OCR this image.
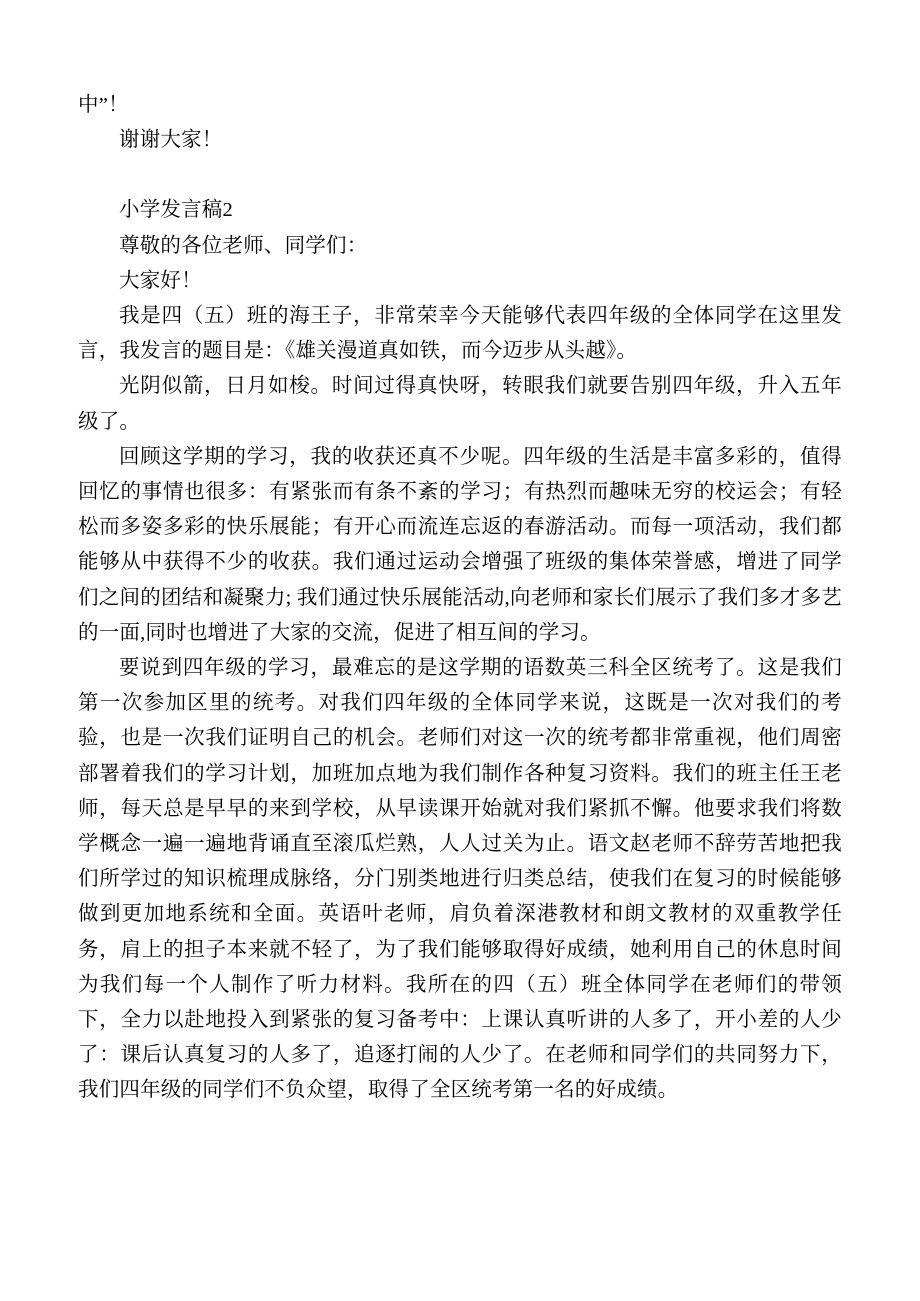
中”！

谢谢大家！

小学发言稿2

尊敬的各位老师、同学们：

大家好！

我是四（五）班的海王子，非常荣幸今天能够代表四年级的全体同学在这里发言，我发言的题目是：《雄关漫道真如铁，而今迈步从头越》。

光阴似箭，日月如梭。时间过得真快呀，转眼我们就要告别四年级，升入五年级了。

回顾这学期的学习，我的收获还真不少呢。四年级的生活是丰富多彩的，值得回忆的事情也很多：有紧张而有条不紊的学习；有热烈而趣味无穷的校运会；有轻松而多姿多彩的快乐展能；有开心而流连忘返的春游活动。而每一项活动，我们都能够从中获得不少的收获。我们通过运动会增强了班级的集体荣誉感，增进了同学们之间的团结和凝聚力; 我们通过快乐展能活动,向老师和家长们展示了我们多才多艺的一面,同时也增进了大家的交流，促进了相互间的学习。

要说到四年级的学习，最难忘的是这学期的语数英三科全区统考了。这是我们第一次参加区里的统考。对我们四年级的全体同学来说，这既是一次对我们的考验，也是一次我们证明自己的机会。老师们对这一次的统考都非常重视，他们周密部署着我们的学习计划，加班加点地为我们制作各种复习资料。我们的班主任王老师，每天总是早早的来到学校，从早读课开始就对我们紧抓不懈。他要求我们将数学概念一遍一遍地背诵直至滚瓜烂熟，人人过关为止。语文赵老师不辞劳苦地把我们所学过的知识梳理成脉络，分门别类地进行归类总结，使我们在复习的时候能够做到更加地系统和全面。英语叶老师，肩负着深港教材和朗文教材的双重教学任务，肩上的担子本来就不轻了，为了我们能够取得好成绩，她利用自己的休息时间为我们每一个人制作了听力材料。我所在的四（五）班全体同学在老师们的带领下，全力以赴地投入到紧张的复习备考中：上课认真听讲的人多了，开小差的人少了：课后认真复习的人多了，追逐打闹的人少了。在老师和同学们的共同努力下，我们四年级的同学们不负众望，取得了全区统考第一名的好成绩。
